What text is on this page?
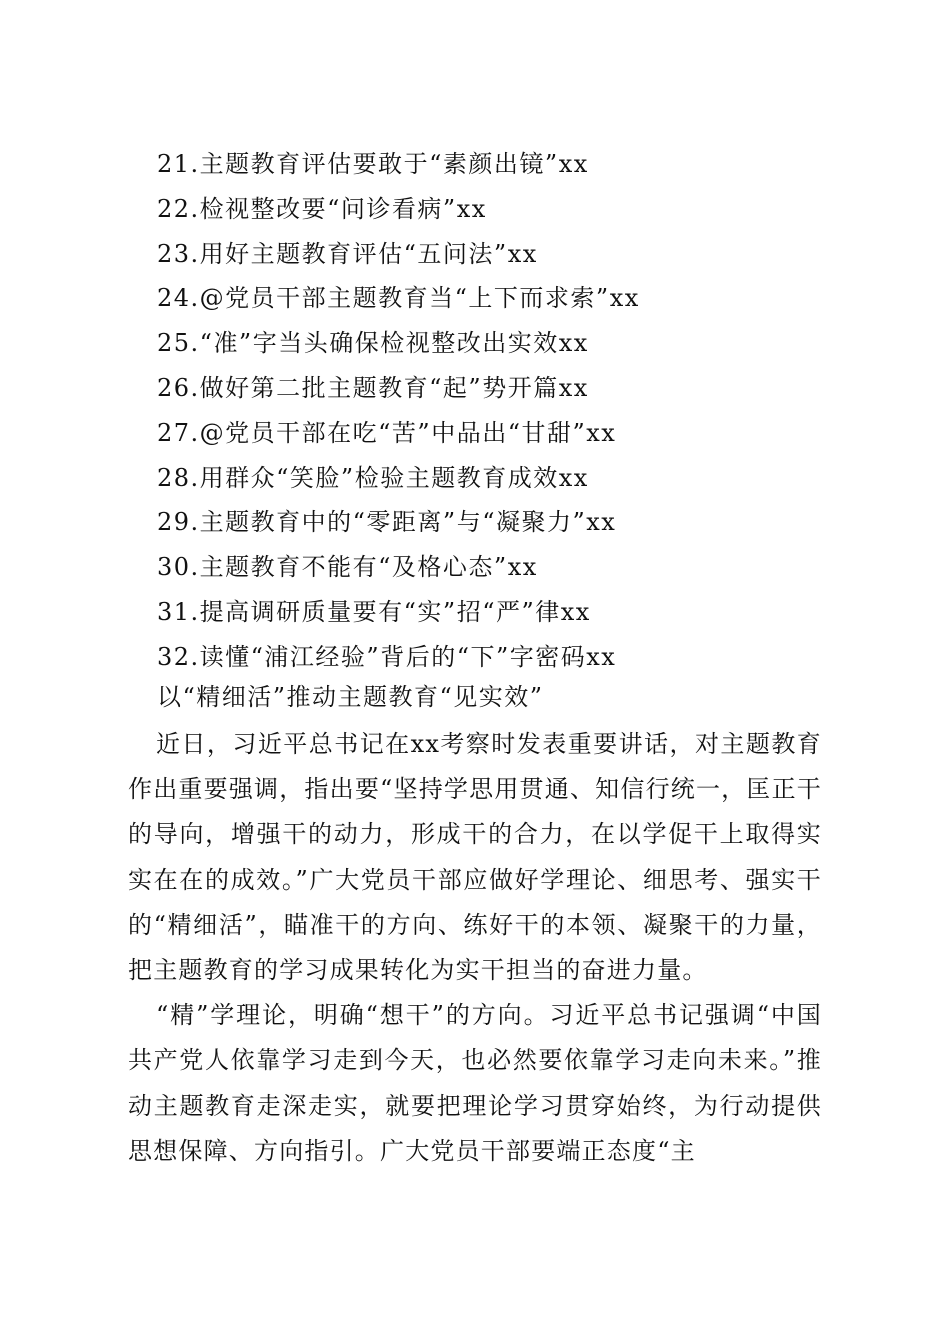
21.主题教育评估要敢于“素颜出镜”xx
22.检视整改要“问诊看病”xx
23.用好主题教育评估“五问法”xx
24.@党员干部主题教育当“上下而求索”xx
25.“准”字当头确保检视整改出实效xx
26.做好第二批主题教育“起”势开篇xx
27.@党员干部在吃“苦”中品出“甘甜”xx
28.用群众“笑脸”检验主题教育成效xx
29.主题教育中的“零距离”与“凝聚力”xx
30.主题教育不能有“及格心态”xx
31.提高调研质量要有“实”招“严”律xx
32.读懂“浦江经验”背后的“下”字密码xx
以“精细活”推动主题教育“见实效”

近日，习近平总书记在xx考察时发表重要讲话，对主题教育作出重要强调，指出要“坚持学思用贯通、知信行统一，匡正干的导向，增强干的动力，形成干的合力，在以学促干上取得实实在在的成效。”广大党员干部应做好学理论、细思考、强实干的“精细活”，瞄准干的方向、练好干的本领、凝聚干的力量，把主题教育的学习成果转化为实干担当的奋进力量。

“精”学理论，明确“想干”的方向。习近平总书记强调“中国共产党人依靠学习走到今天，也必然要依靠学习走向未来。”推动主题教育走深走实，就要把理论学习贯穿始终，为行动提供思想保障、方向指引。广大党员干部要端正态度“主
